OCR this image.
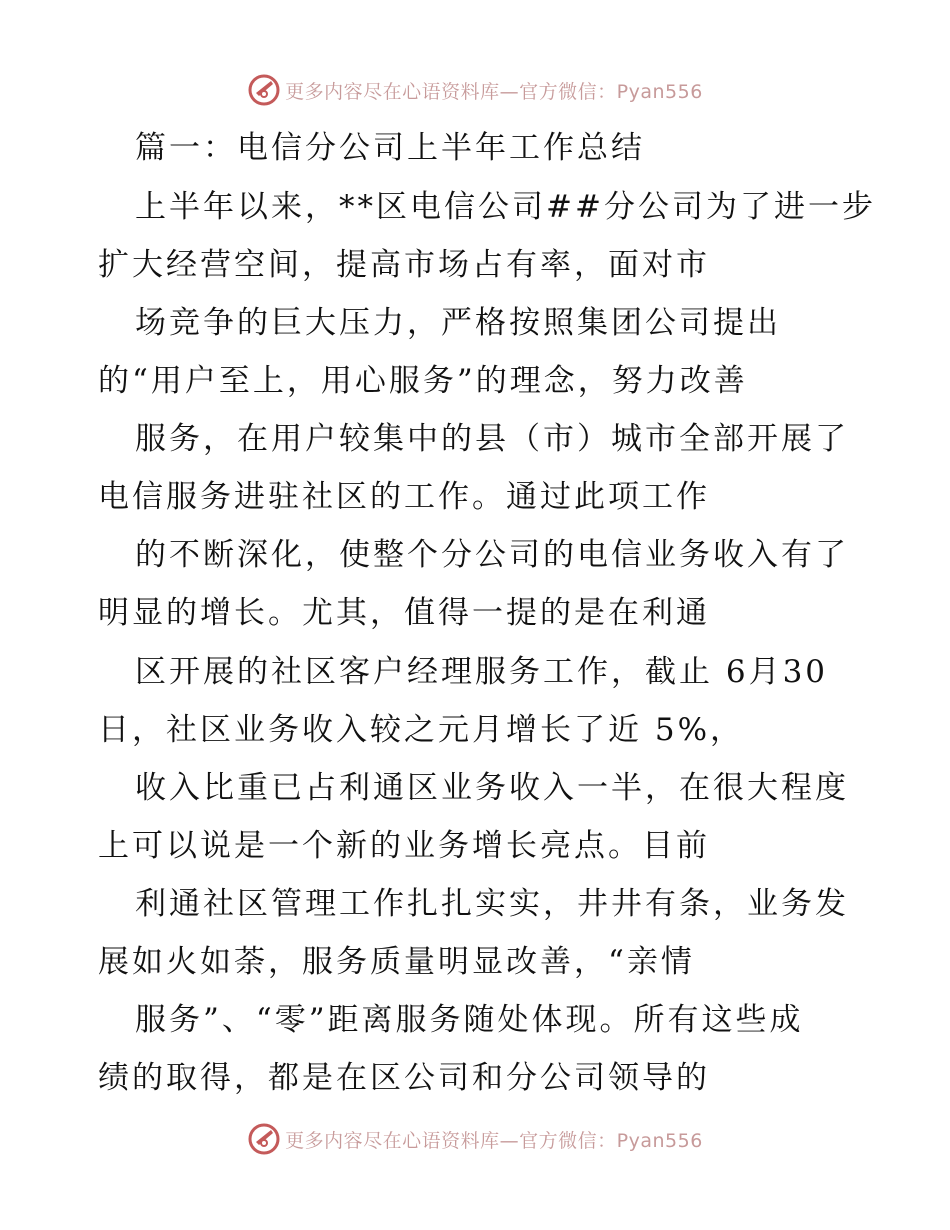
更多内容尽在心语资料库—官方微信：Pyan556
篇一：电信分公司上半年工作总结
上半年以来，**区电信公司##分公司为了进一步
扩大经营空间，提高市场占有率，面对市
场竞争的巨大压力，严格按照集团公司提出
的“用户至上，用心服务”的理念，努力改善
服务，在用户较集中的县（市）城市全部开展了
电信服务进驻社区的工作。通过此项工作
的不断深化，使整个分公司的电信业务收入有了
明显的增长。尤其，值得一提的是在利通
区开展的社区客户经理服务工作，截止 6月30
日，社区业务收入较之元月增长了近 5%，
收入比重已占利通区业务收入一半，在很大程度
上可以说是一个新的业务增长亮点。目前
利通社区管理工作扎扎实实，井井有条，业务发
展如火如荼，服务质量明显改善，“亲情
服务”、“零”距离服务随处体现。所有这些成
绩的取得，都是在区公司和分公司领导的
更多内容尽在心语资料库—官方微信：Pyan556
